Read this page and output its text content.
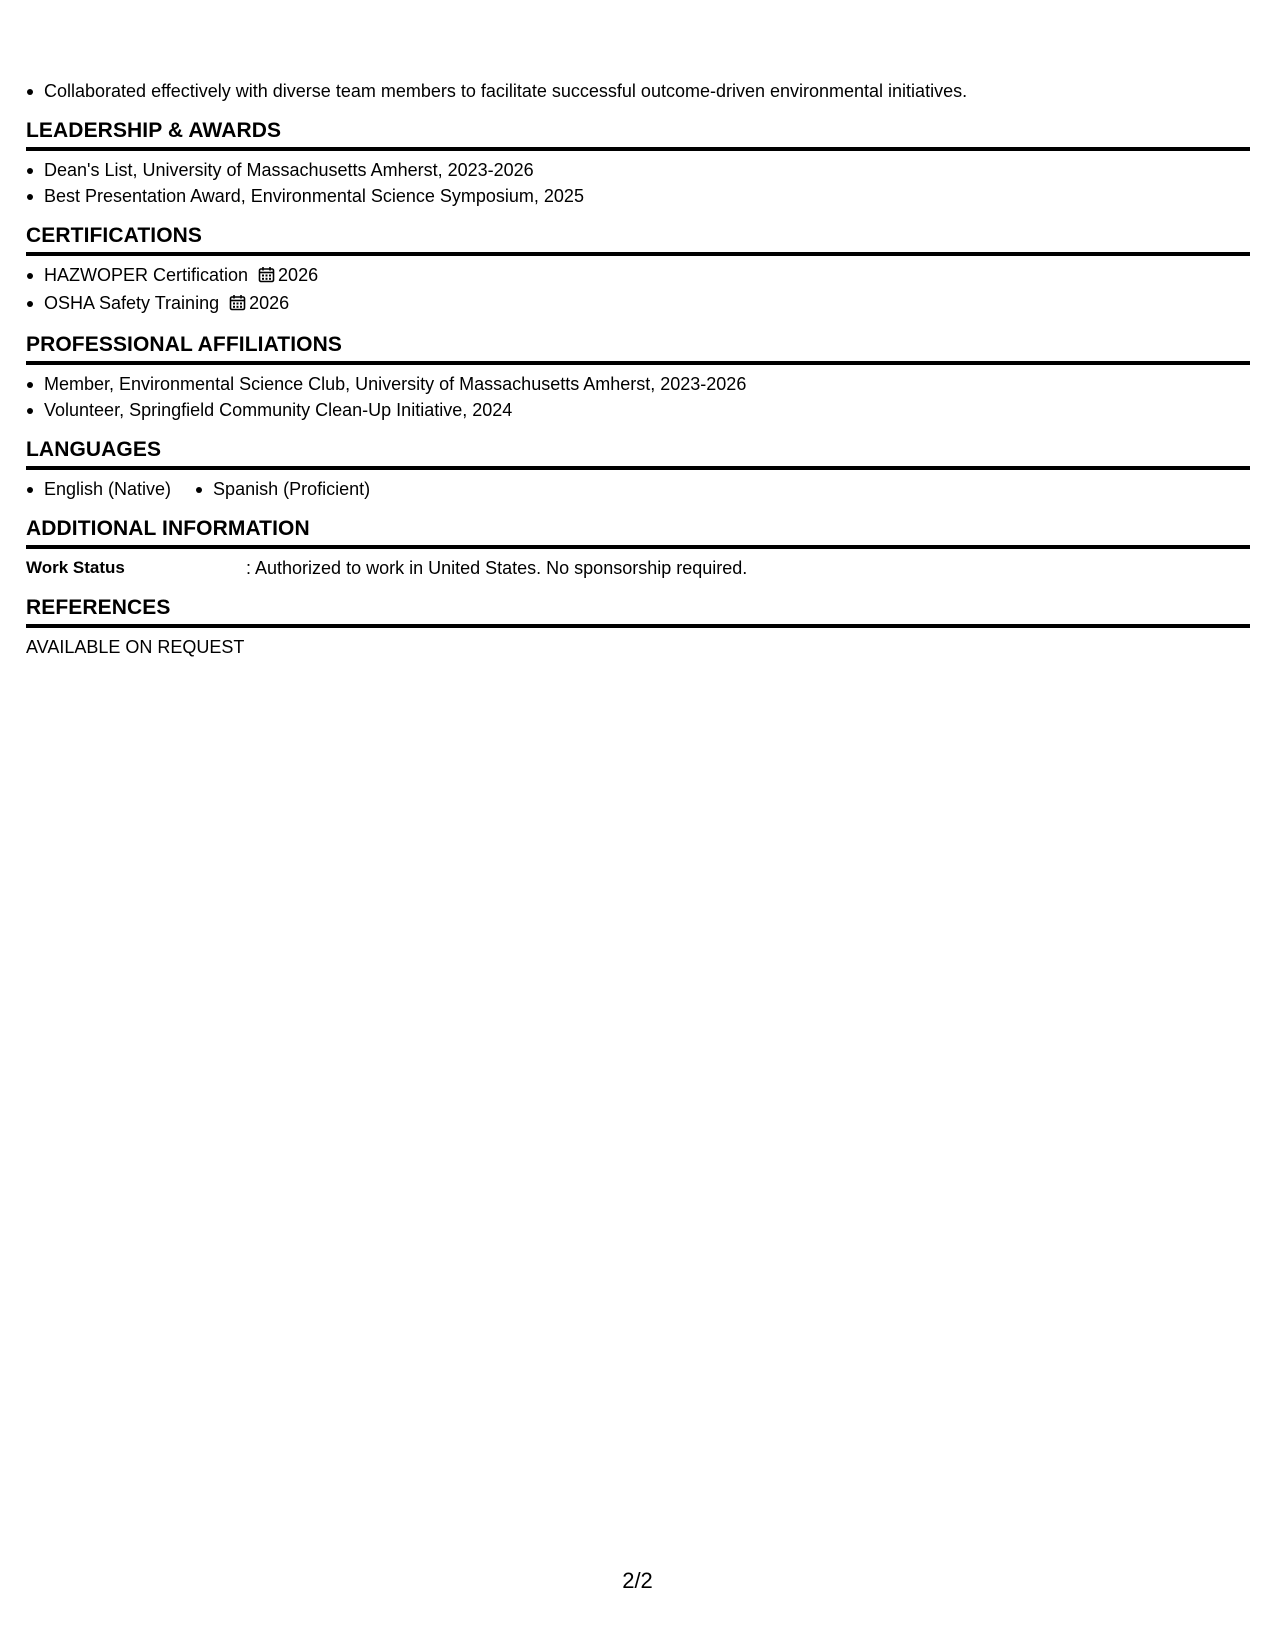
Collaborated effectively with diverse team members to facilitate successful outcome-driven environmental initiatives.
LEADERSHIP & AWARDS
Dean's List, University of Massachusetts Amherst, 2023-2026
Best Presentation Award, Environmental Science Symposium, 2025
CERTIFICATIONS
HAZWOPER Certification 2026
OSHA Safety Training 2026
PROFESSIONAL AFFILIATIONS
Member, Environmental Science Club, University of Massachusetts Amherst, 2023-2026
Volunteer, Springfield Community Clean-Up Initiative, 2024
LANGUAGES
English (Native)	Spanish (Proficient)
ADDITIONAL INFORMATION
Work Status	: Authorized to work in United States. No sponsorship required.
REFERENCES
AVAILABLE ON REQUEST
2/2
